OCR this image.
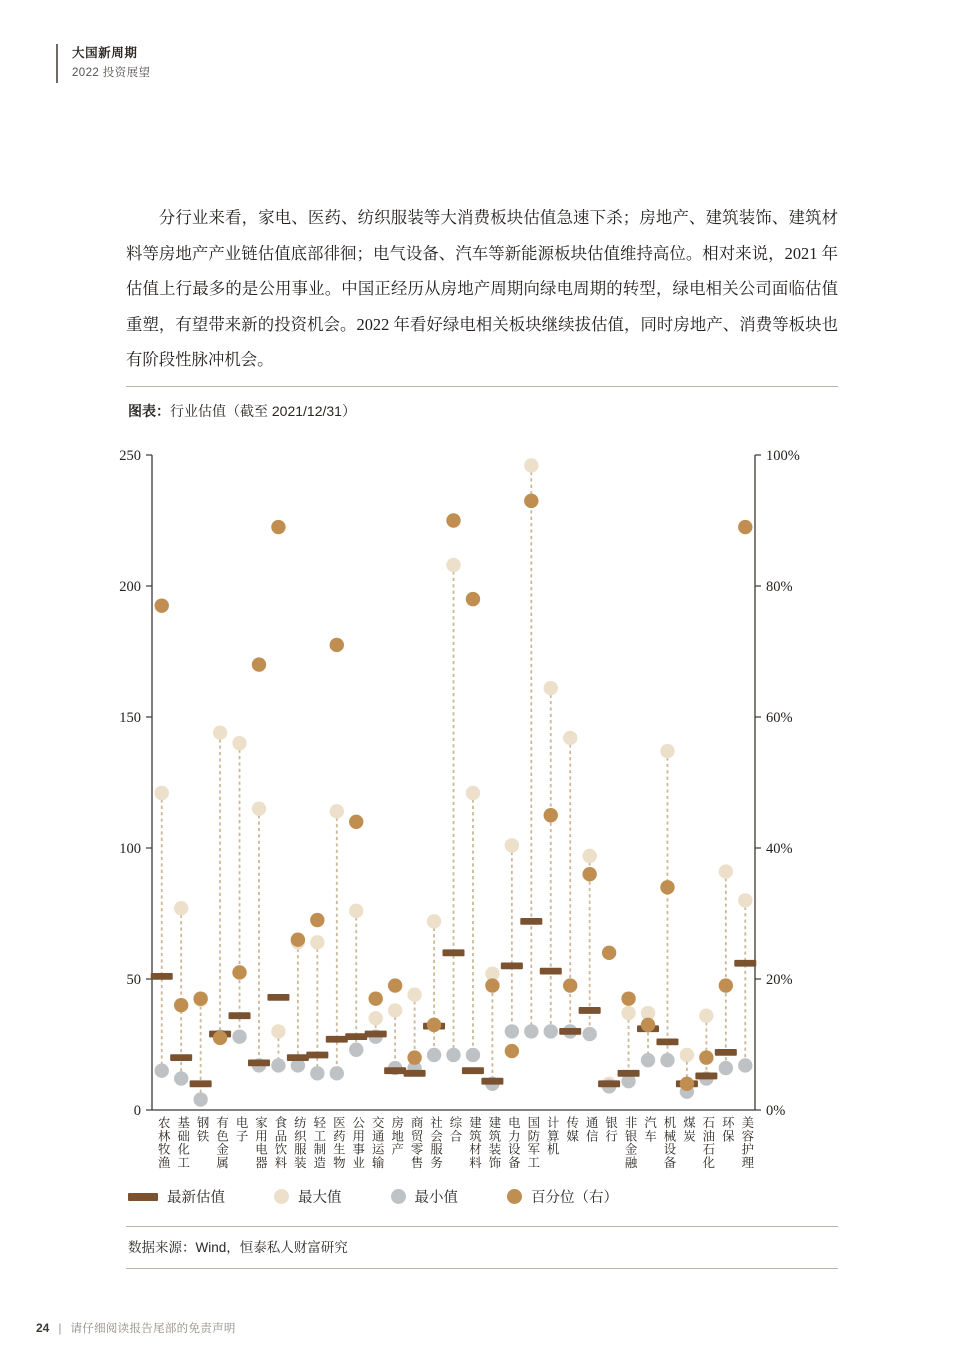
大国新周期
2022 投资展望
分行业来看，家电、医药、纺织服装等大消费板块估值急速下杀；房地产、建筑装饰、建筑材料等房地产产业链估值底部徘徊；电气设备、汽车等新能源板块估值维持高位。相对来说，2021 年估值上行最多的是公用事业。中国正经历从房地产周期向绿电周期的转型，绿电相关公司面临估值重塑，有望带来新的投资机会。2022 年看好绿电相关板块继续拔估值，同时房地产、消费等板块也有阶段性脉冲机会。
图表：行业估值（截至 2021/12/31）
0
50
100
150
200
250
0%
20%
40%
60%
80%
100%
农林牧渔 基础化工 钢铁 有色金属 电子 家用电器 食品饮料 纺织服装 轻工制造 医药生物 公用事业 交通运输 房地产 商贸零售 社会服务 综合 建筑材料 建筑装饰 电力设备 国防军工 计算机 传媒 通信 银行 非银金融 汽车 机械设备 煤炭 石油石化 环保 美容护理
最新估值	最大值	最小值	百分位（右）
数据来源：Wind，恒泰私人财富研究
24 | 请仔细阅读报告尾部的免责声明
